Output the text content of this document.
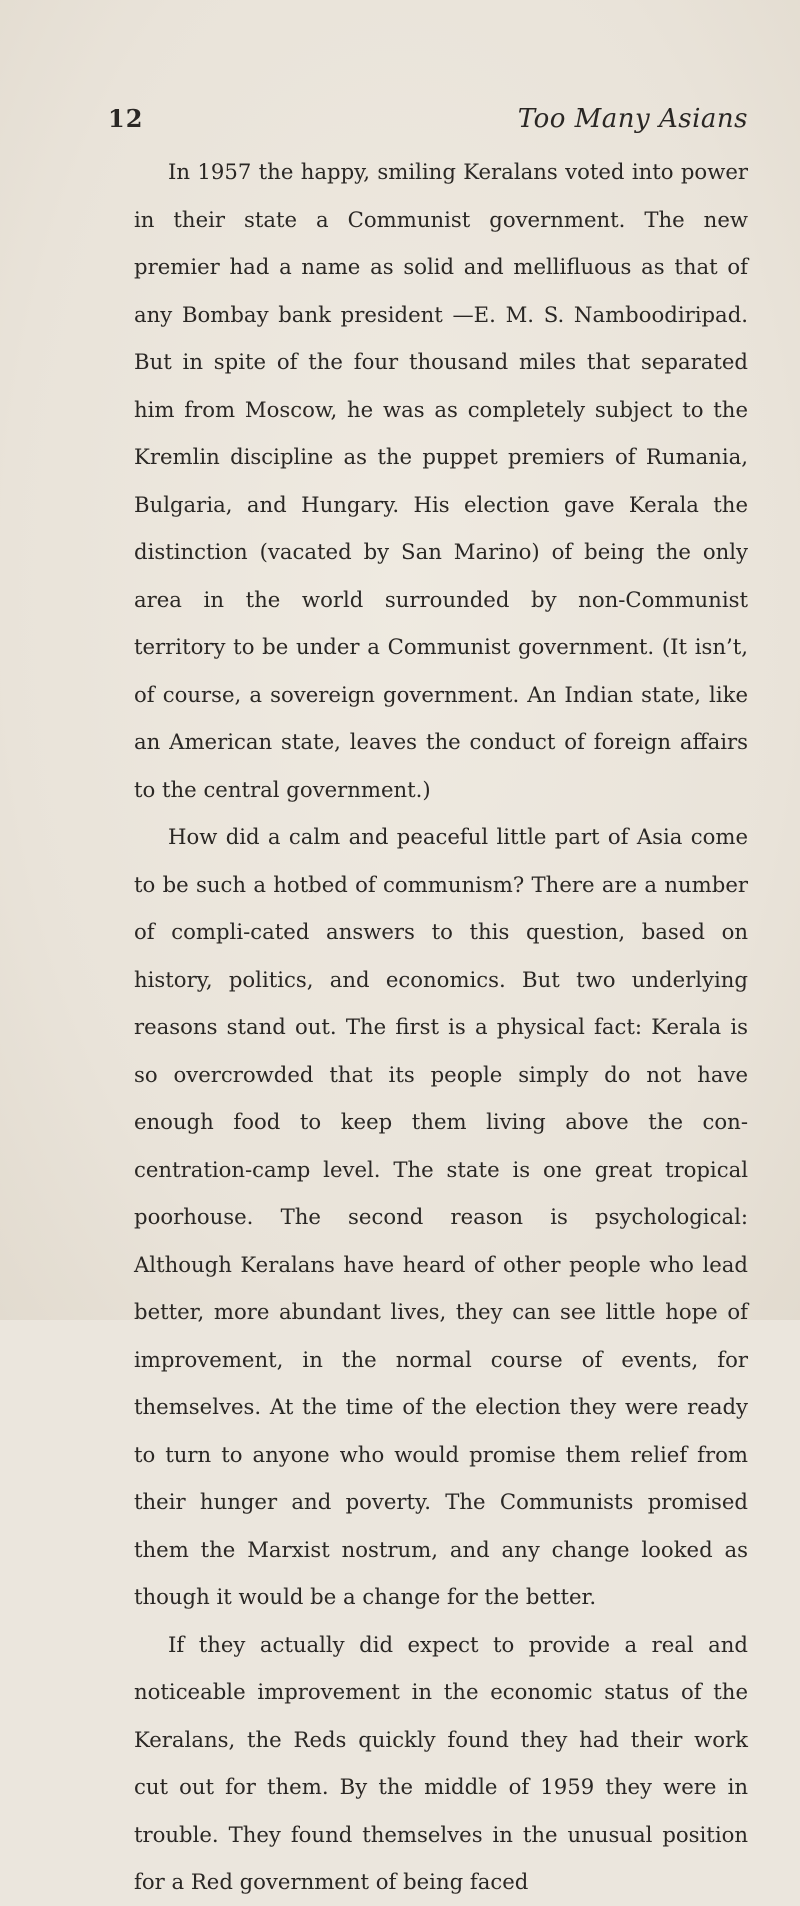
12	Too Many Asians

In 1957 the happy, smiling Keralans voted into power in their state a Communist government. The new premier had a name as solid and mellifluous as that of any Bombay bank president —E. M. S. Namboodiripad. But in spite of the four thousand miles that separated him from Moscow, he was as completely subject to the Kremlin discipline as the puppet premiers of Rumania, Bulgaria, and Hungary. His election gave Kerala the distinction (vacated by San Marino) of being the only area in the world surrounded by non-Communist territory to be under a Communist government. (It isn’t, of course, a sovereign government. An Indian state, like an American state, leaves the conduct of foreign affairs to the central government.)

How did a calm and peaceful little part of Asia come to be such a hotbed of communism? There are a number of compli-cated answers to this question, based on history, politics, and economics. But two underlying reasons stand out. The first is a physical fact: Kerala is so overcrowded that its people simply do not have enough food to keep them living above the con-centration-camp level. The state is one great tropical poorhouse. The second reason is psychological: Although Keralans have heard of other people who lead better, more abundant lives, they can see little hope of improvement, in the normal course of events, for themselves. At the time of the election they were ready to turn to anyone who would promise them relief from their hunger and poverty. The Communists promised them the Marxist nostrum, and any change looked as though it would be a change for the better.

If they actually did expect to provide a real and noticeable improvement in the economic status of the Keralans, the Reds quickly found they had their work cut out for them. By the middle of 1959 they were in trouble. They found themselves in the unusual position for a Red government of being faced
